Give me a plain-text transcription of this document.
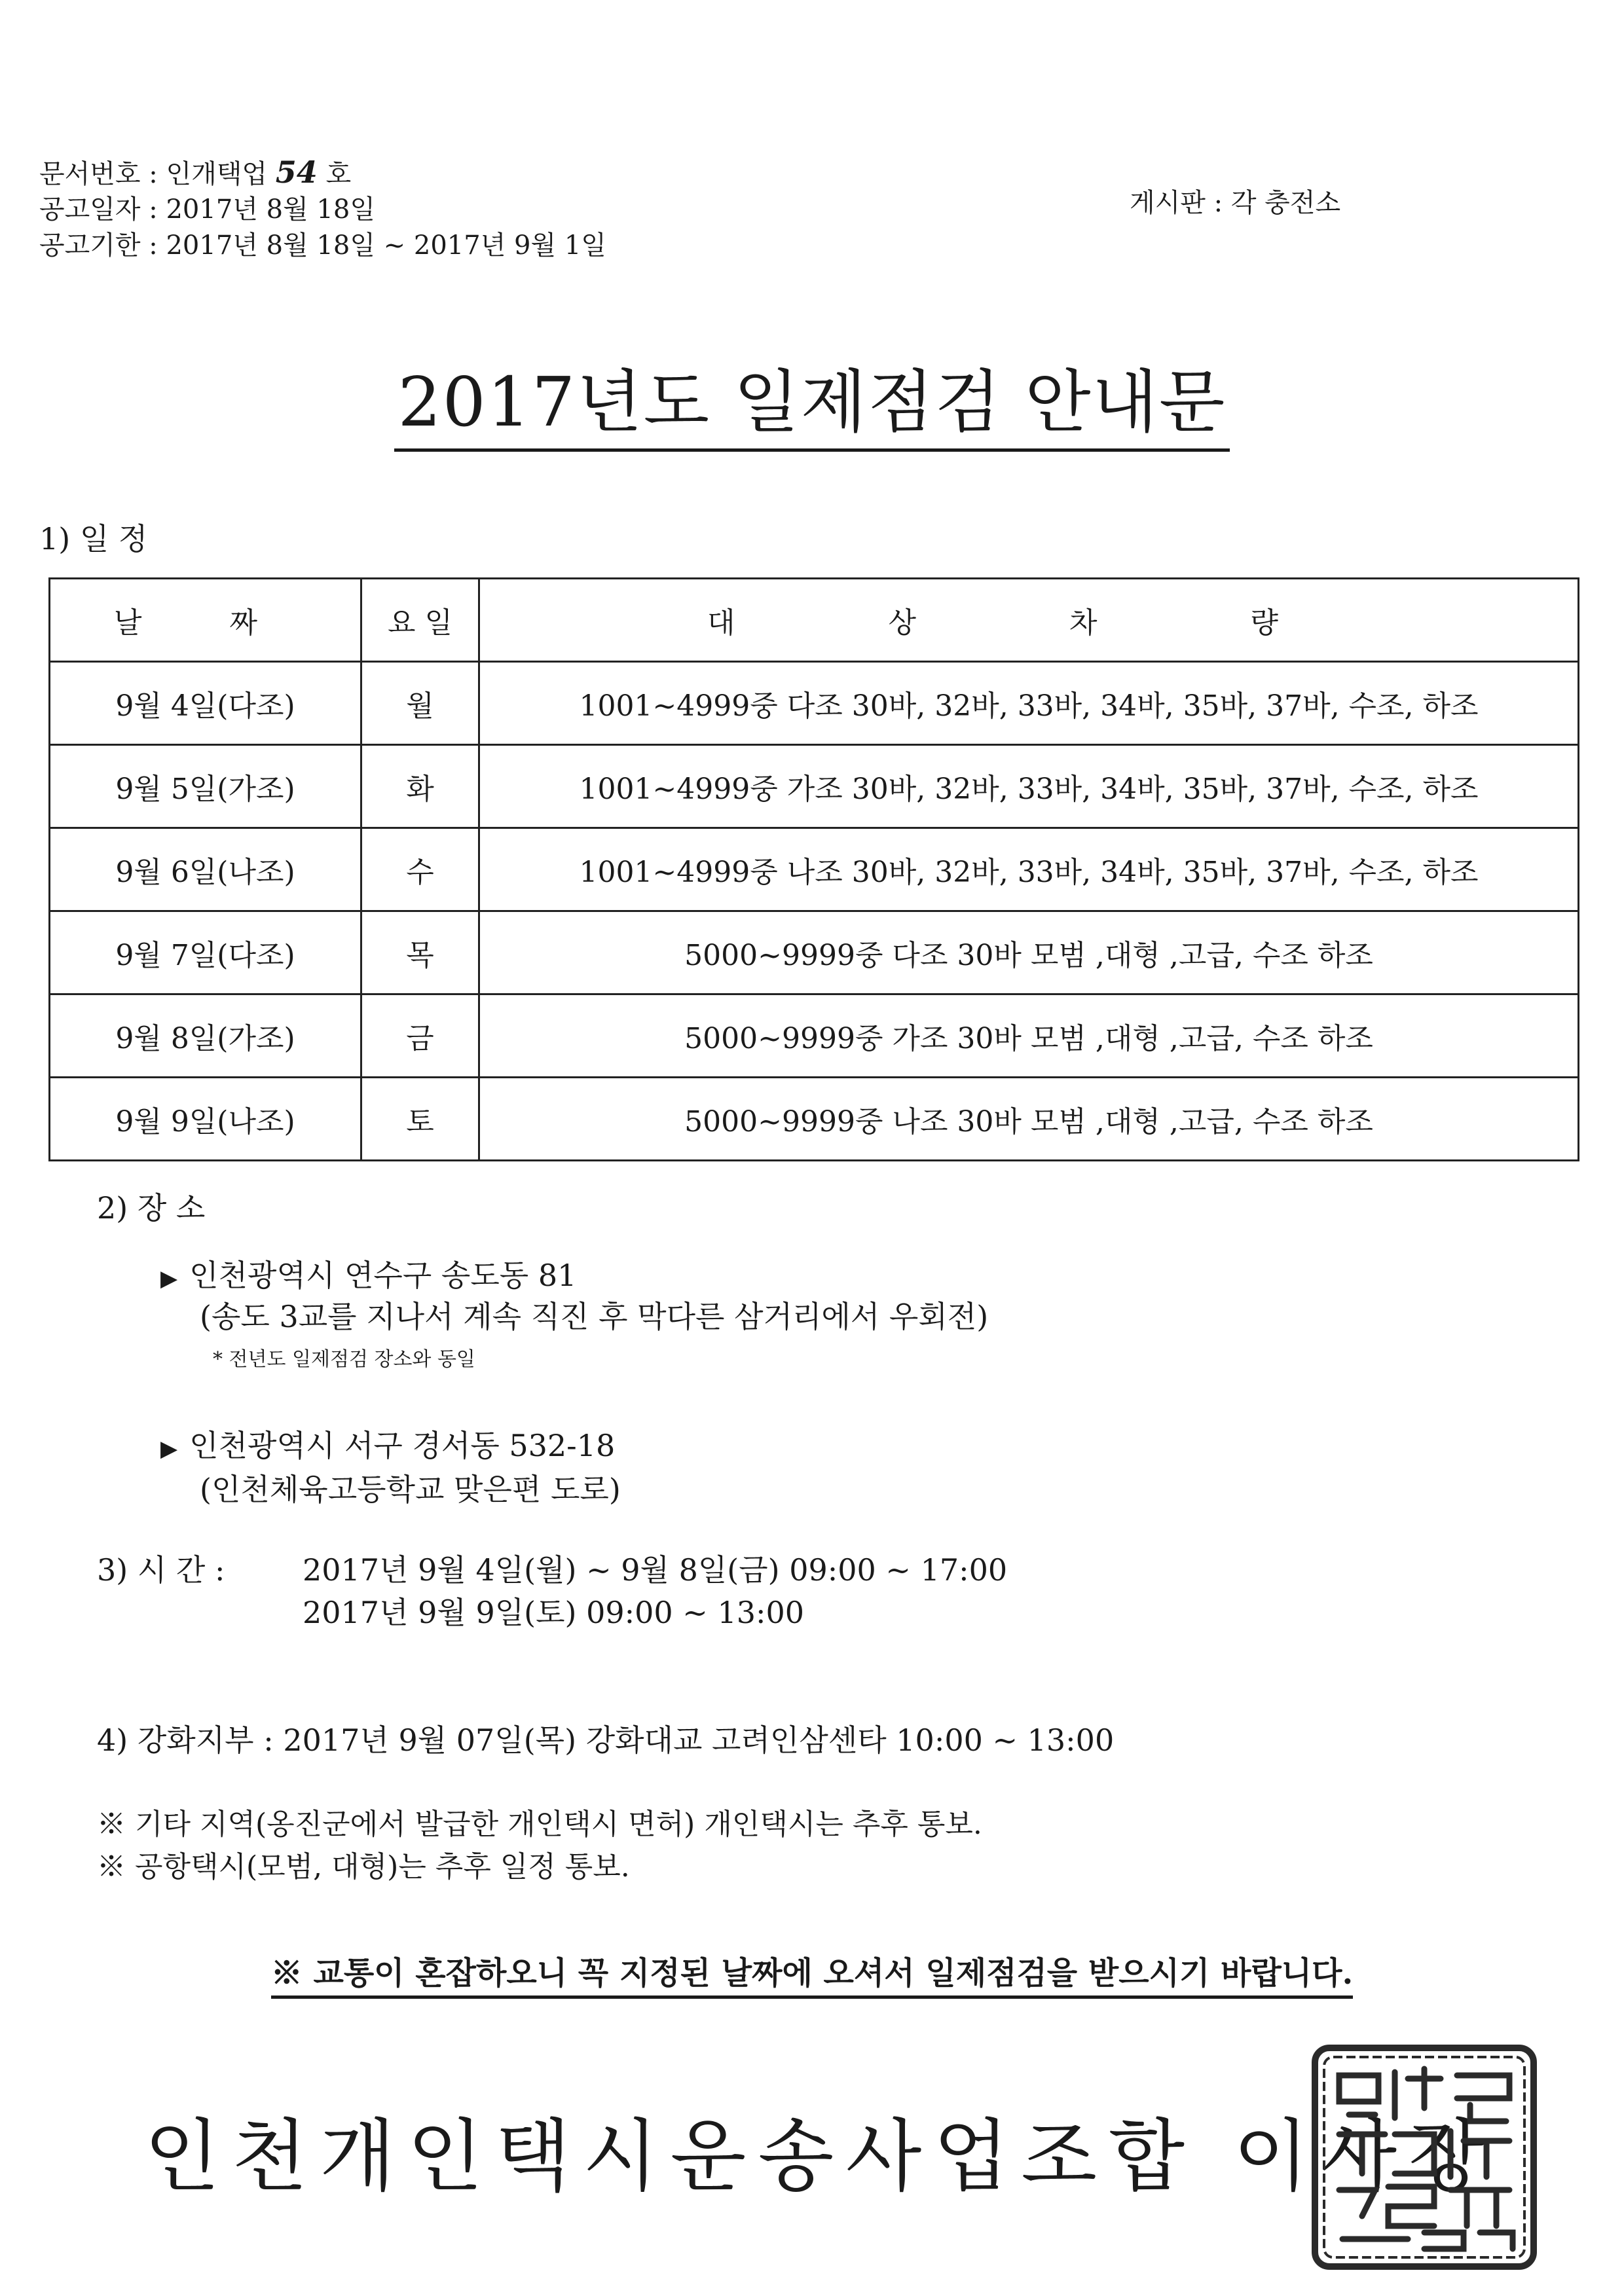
문서번호 : 인개택업 54 호
공고일자 : 2017년 8월 18일
공고기한 : 2017년 8월 18일 ~ 2017년 9월 1일
게시판 : 각 충전소
2017년도 일제점검 안내문
1) 일 정
날 짜	요 일	대 상 차 량
9월 4일(다조)	월	1001~4999중 다조 30바, 32바, 33바, 34바, 35바, 37바, 수조, 하조
9월 5일(가조)	화	1001~4999중 가조 30바, 32바, 33바, 34바, 35바, 37바, 수조, 하조
9월 6일(나조)	수	1001~4999중 나조 30바, 32바, 33바, 34바, 35바, 37바, 수조, 하조
9월 7일(다조)	목	5000~9999중 다조 30바 모범 ,대형 ,고급, 수조 하조
9월 8일(가조)	금	5000~9999중 가조 30바 모범 ,대형 ,고급, 수조 하조
9월 9일(나조)	토	5000~9999중 나조 30바 모범 ,대형 ,고급, 수조 하조
2) 장 소
▶ 인천광역시 연수구 송도동 81
(송도 3교를 지나서 계속 직진 후 막다른 삼거리에서 우회전)
* 전년도 일제점검 장소와 동일
▶ 인천광역시 서구 경서동 532-18
(인천체육고등학교 맞은편 도로)
3) 시 간 :	2017년 9월 4일(월) ~ 9월 8일(금) 09:00 ~ 17:00
2017년 9월 9일(토) 09:00 ~ 13:00
4) 강화지부 : 2017년 9월 07일(목) 강화대교 고려인삼센타 10:00 ~ 13:00
※ 기타 지역(옹진군에서 발급한 개인택시 면허) 개인택시는 추후 통보.
※ 공항택시(모범, 대형)는 추후 일정 통보.
※ 교통이 혼잡하오니 꼭 지정된 날짜에 오셔서 일제점검을 받으시기 바랍니다.
인천개인택시운송사업조합 이사장
